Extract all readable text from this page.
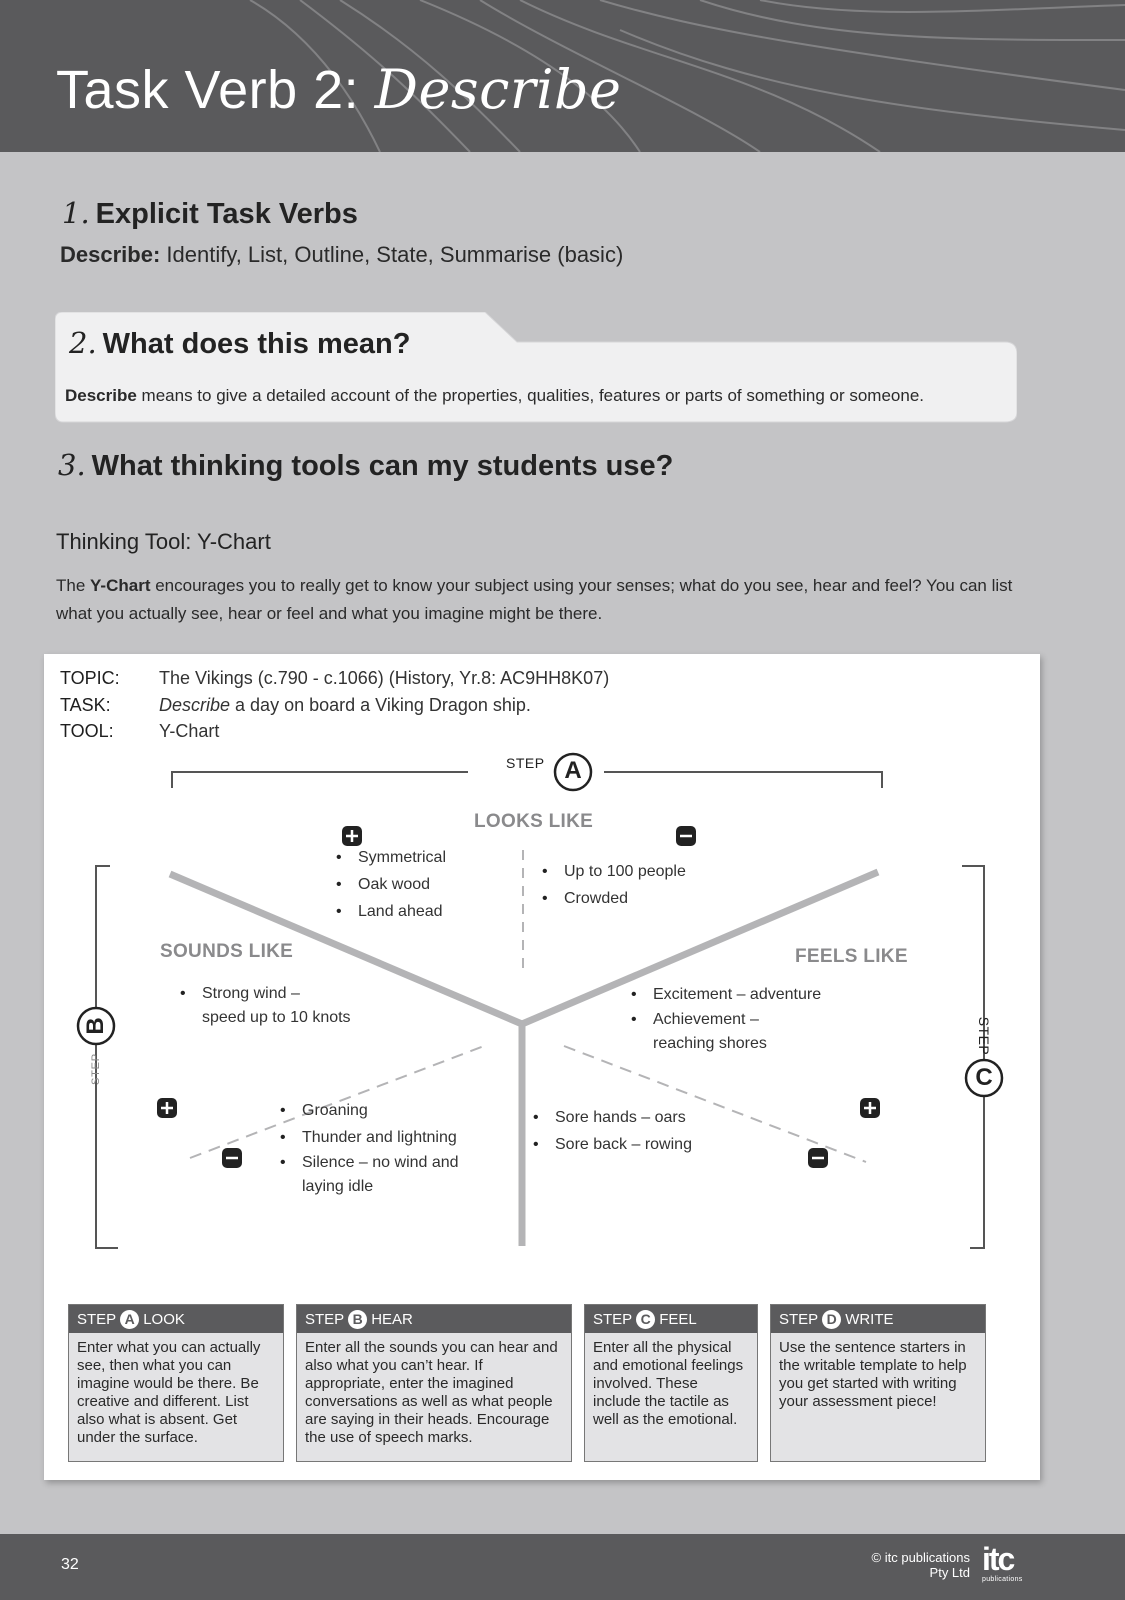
Task Verb 2: Describe
1. Explicit Task Verbs
Describe: Identify, List, Outline, State, Summarise (basic)
2. What does this mean?
Describe means to give a detailed account of the properties, qualities, features or parts of something or someone.
3. What thinking tools can my students use?
Thinking Tool: Y-Chart
The Y-Chart encourages you to really get to know your subject using your senses; what do you see, hear and feel? You can list what you actually see, hear or feel and what you imagine might be there.
TOPIC: The Vikings (c.790 - c.1066) (History, Yr.8: AC9HH8K07)
TASK:	Describe a day on board a Viking Dragon ship.
TOOL:	Y-Chart
A
B
C
STEP
STEP
STEP
LOOKS LIKE
SOUNDS LIKE	FEELS LIKE
• Symmetrical
• Oak wood
• Land ahead
• Up to 100 people
• Crowded
• Strong wind –
speed up to 10 knots
• Groaning
• Thunder and lightning
• Silence – no wind and
laying idle
• Excitement – adventure
• Achievement –
reaching shores
• Sore hands – oars
• Sore back – rowing
STEP A LOOK
Enter what you can actually see, then what you can imagine would be there. Be creative and different. List also what is absent. Get under the surface.
STEP B HEAR
Enter all the sounds you can hear and also what you can’t hear. If appropriate, enter the imagined conversations as well as what people are saying in their heads. Encourage the use of speech marks.
STEP C FEEL
Enter all the physical and emotional feelings involved. These include the tactile as well as the emotional.
STEP D WRITE
Use the sentence starters in the writable template to help you get started with writing your assessment piece!
32	© itc publications
Pty Ltd itc
publications
